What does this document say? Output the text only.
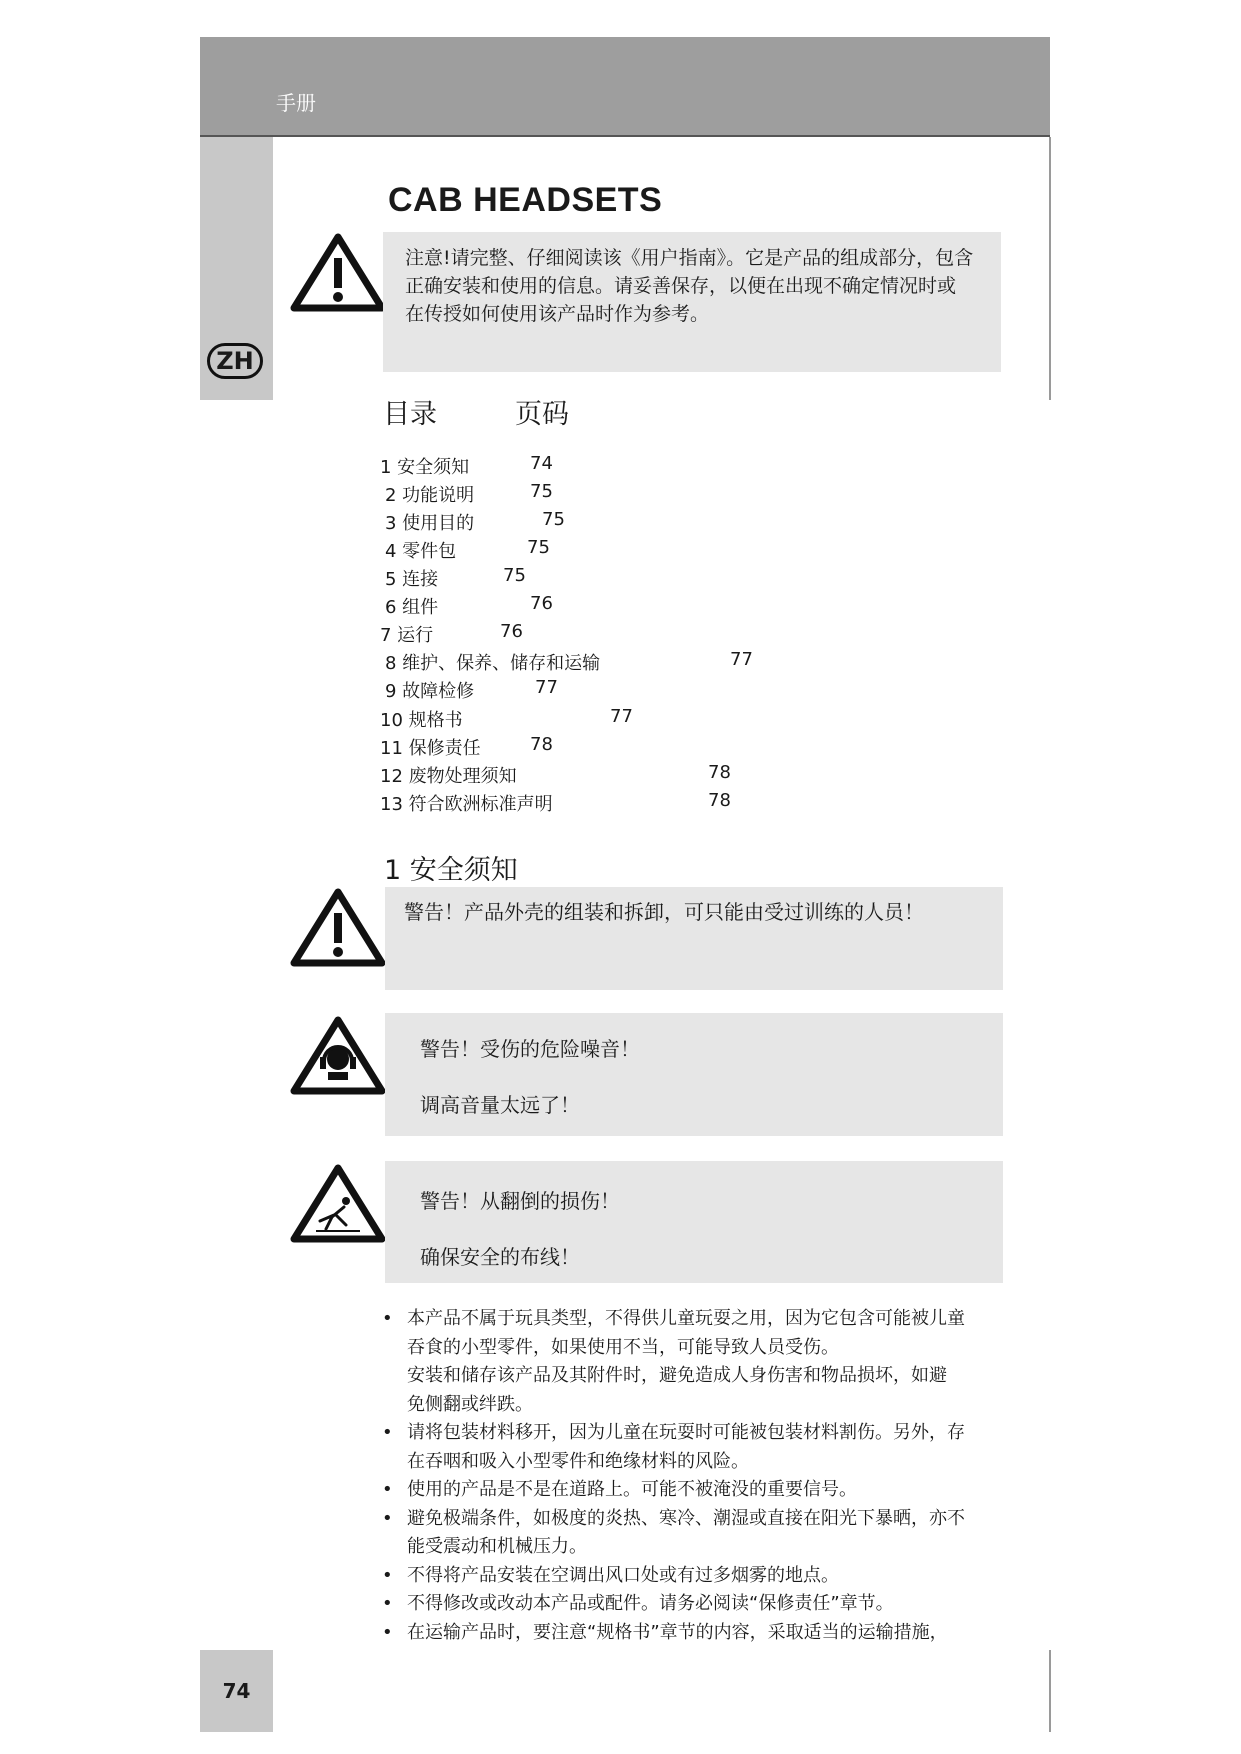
手册
ZH
CAB HEADSETS
注意!请完整、仔细阅读该《用户指南》。它是产品的组成部分，包含
正确安装和使用的信息。请妥善保存，以便在出现不确定情况时或
在传授如何使用该产品时作为参考。
目录	页码
1 安全须知	74
2 功能说明	75
3 使用目的	75
4 零件包	75
5 连接	75
6 组件	76
7 运行	76
8 维护、保养、储存和运输	77
9 故障检修	77
10 规格书	77
11 保修责任	78
12 废物处理须知	78
13 符合欧洲标准声明	78
1 安全须知
警告！产品外壳的组装和拆卸，可只能由受过训练的人员！
警告！受伤的危险噪音！
调高音量太远了！
警告！从翻倒的损伤！
确保安全的布线！
• 本产品不属于玩具类型，不得供儿童玩耍之用，因为它包含可能被儿童
吞食的小型零件，如果使用不当，可能导致人员受伤。
安装和储存该产品及其附件时，避免造成人身伤害和物品损坏，如避
免侧翻或绊跌。
• 请将包装材料移开，因为儿童在玩耍时可能被包装材料割伤。另外，存
在吞咽和吸入小型零件和绝缘材料的风险。
• 使用的产品是不是在道路上。可能不被淹没的重要信号。
• 避免极端条件，如极度的炎热、寒冷、潮湿或直接在阳光下暴晒，亦不
能受震动和机械压力。
• 不得将产品安装在空调出风口处或有过多烟雾的地点。
• 不得修改或改动本产品或配件。请务必阅读“保修责任”章节。
• 在运输产品时，要注意“规格书”章节的内容，采取适当的运输措施，
74
